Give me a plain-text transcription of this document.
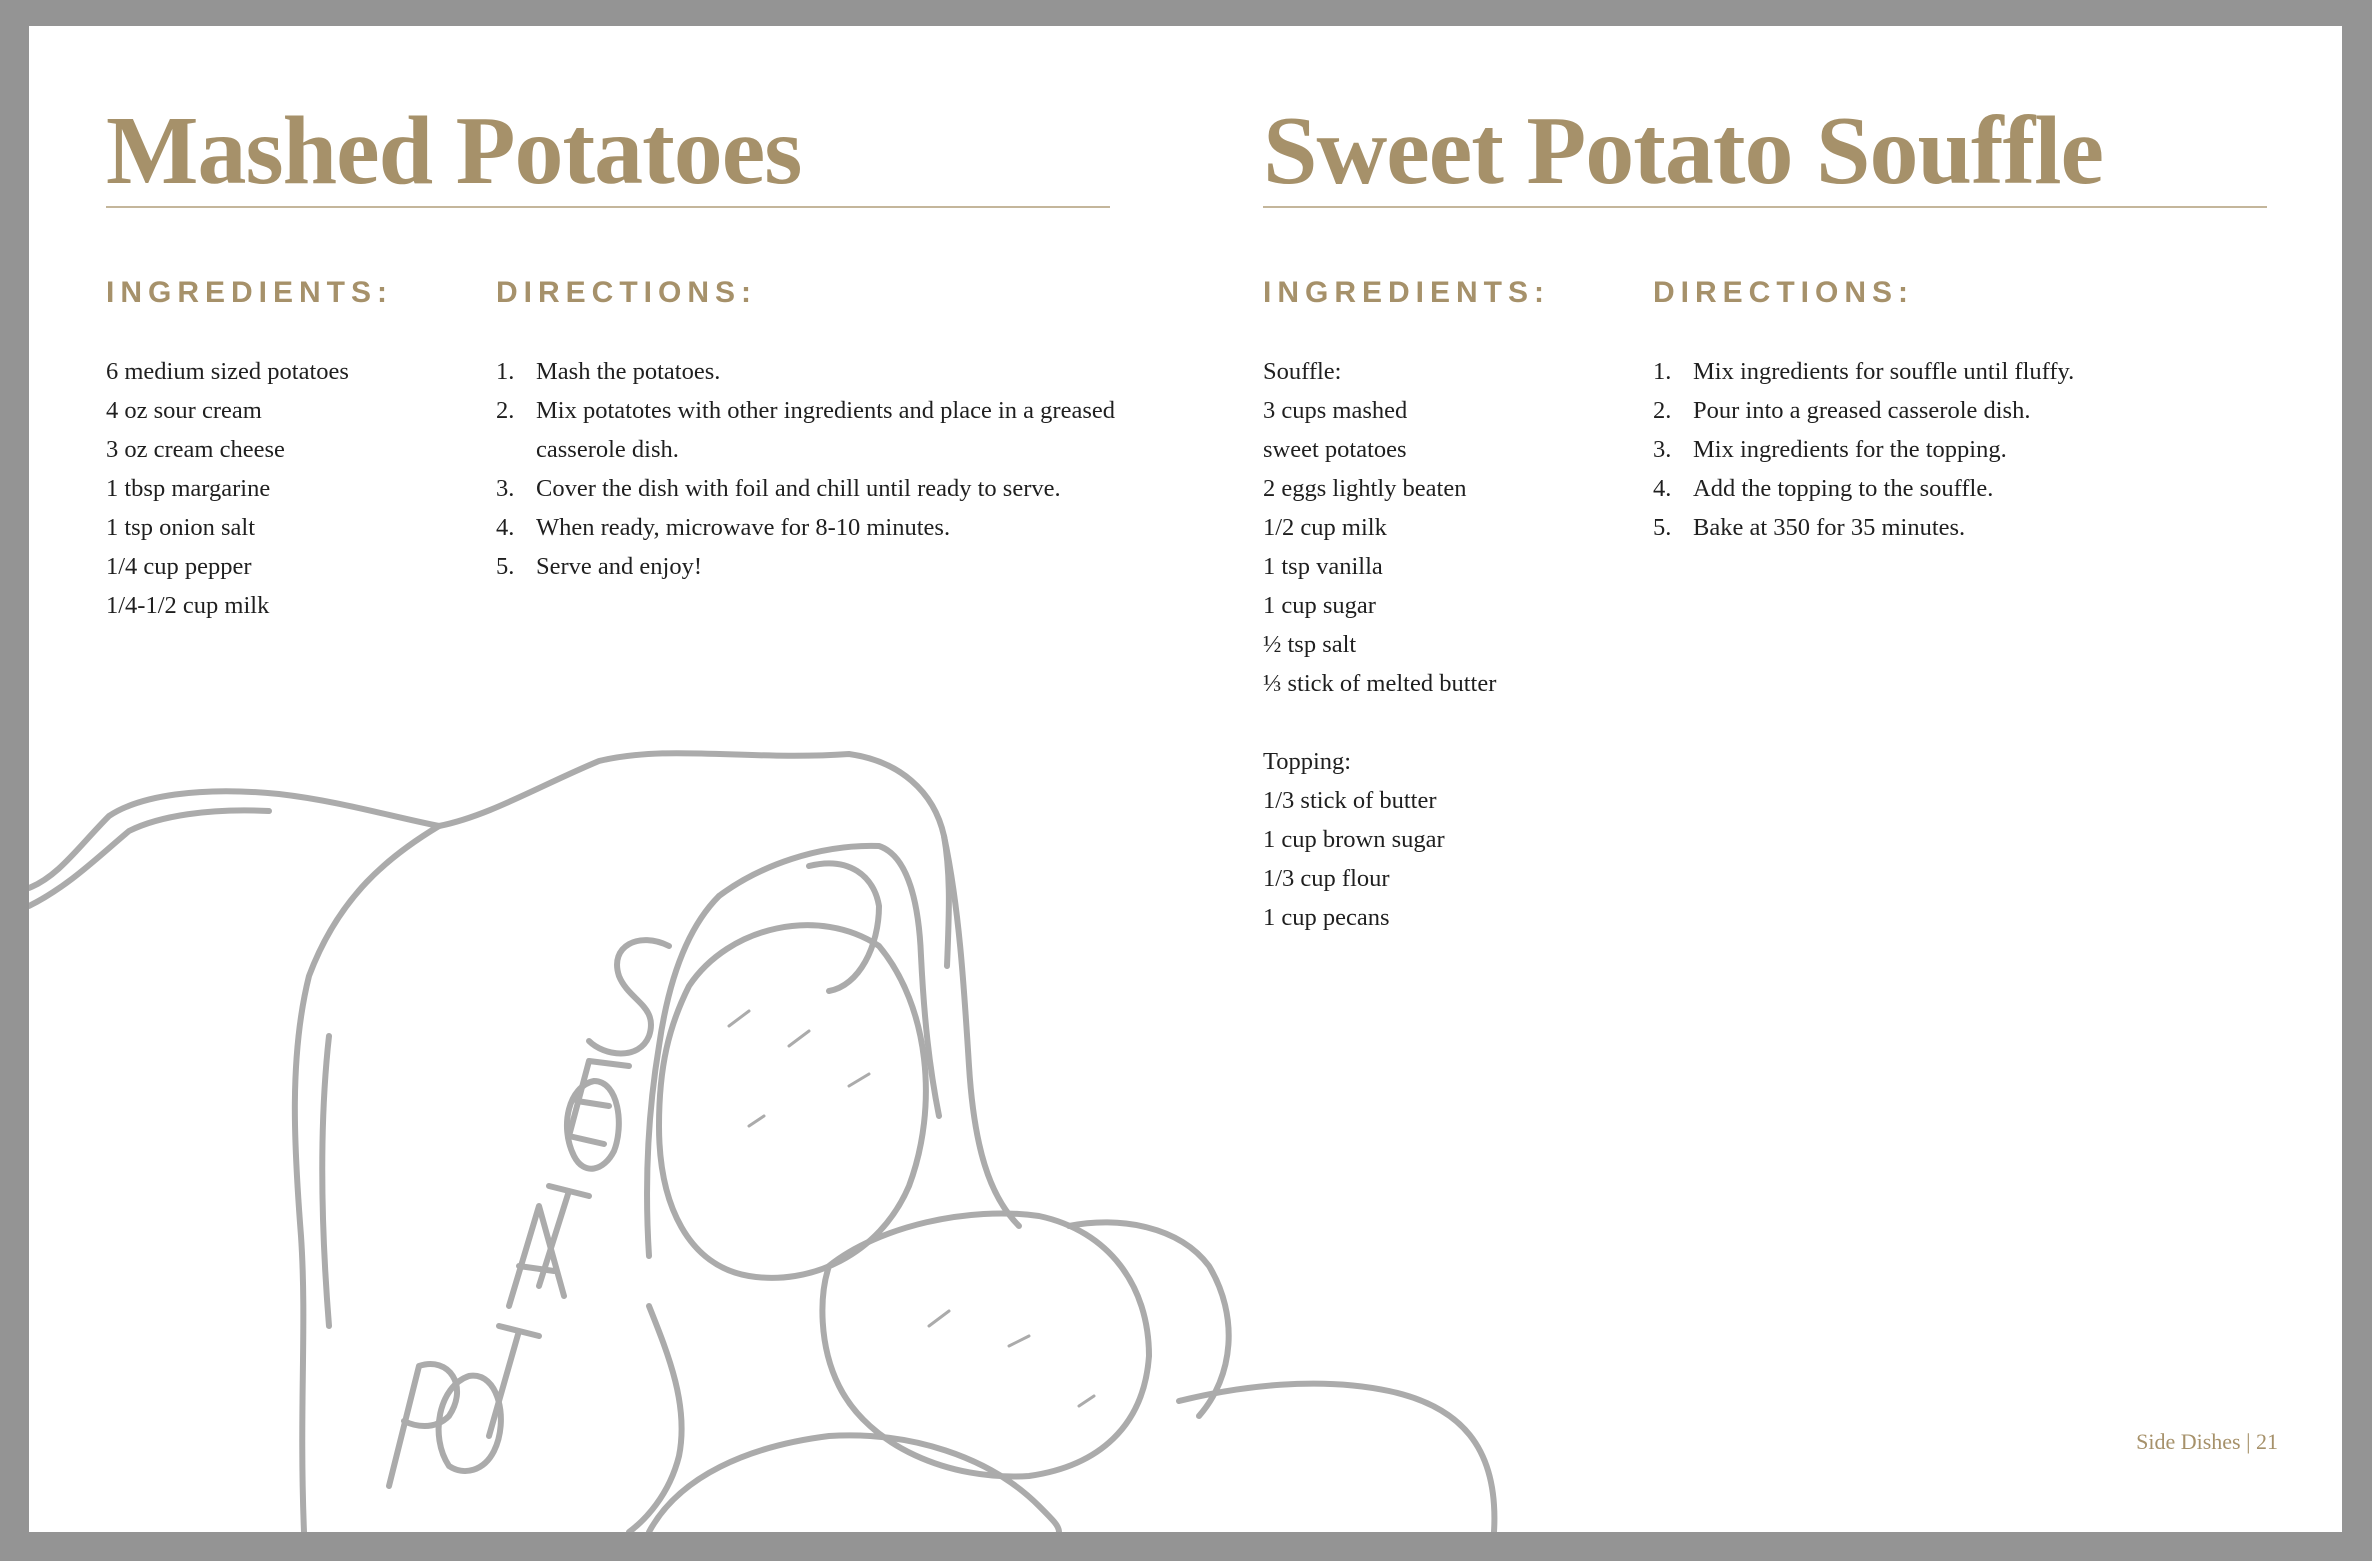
Mashed Potatoes
INGREDIENTS:
6 medium sized potatoes
4 oz sour cream
3 oz cream cheese
1 tbsp margarine
1 tsp onion salt
1/4 cup pepper
1/4-1/2 cup milk
DIRECTIONS:
1. Mash the potatoes.
2. Mix potatotes with other ingredients and place in a greased casserole dish.
3. Cover the dish with foil and chill until ready to serve.
4. When ready, microwave for 8-10 minutes.
5. Serve and enjoy!
Sweet Potato Souffle
INGREDIENTS:
Souffle:
3 cups mashed
sweet potatoes
2 eggs lightly beaten
1/2 cup milk
1 tsp vanilla
1 cup sugar
½ tsp salt
⅓ stick of melted butter
Topping:
1/3 stick of butter
1 cup brown sugar
1/3 cup flour
1 cup pecans
DIRECTIONS:
1. Mix ingredients for souffle until fluffy.
2. Pour into a greased casserole dish.
3. Mix ingredients for the topping.
4. Add the topping to the souffle.
5. Bake at 350 for 35 minutes.
Side Dishes | 21
